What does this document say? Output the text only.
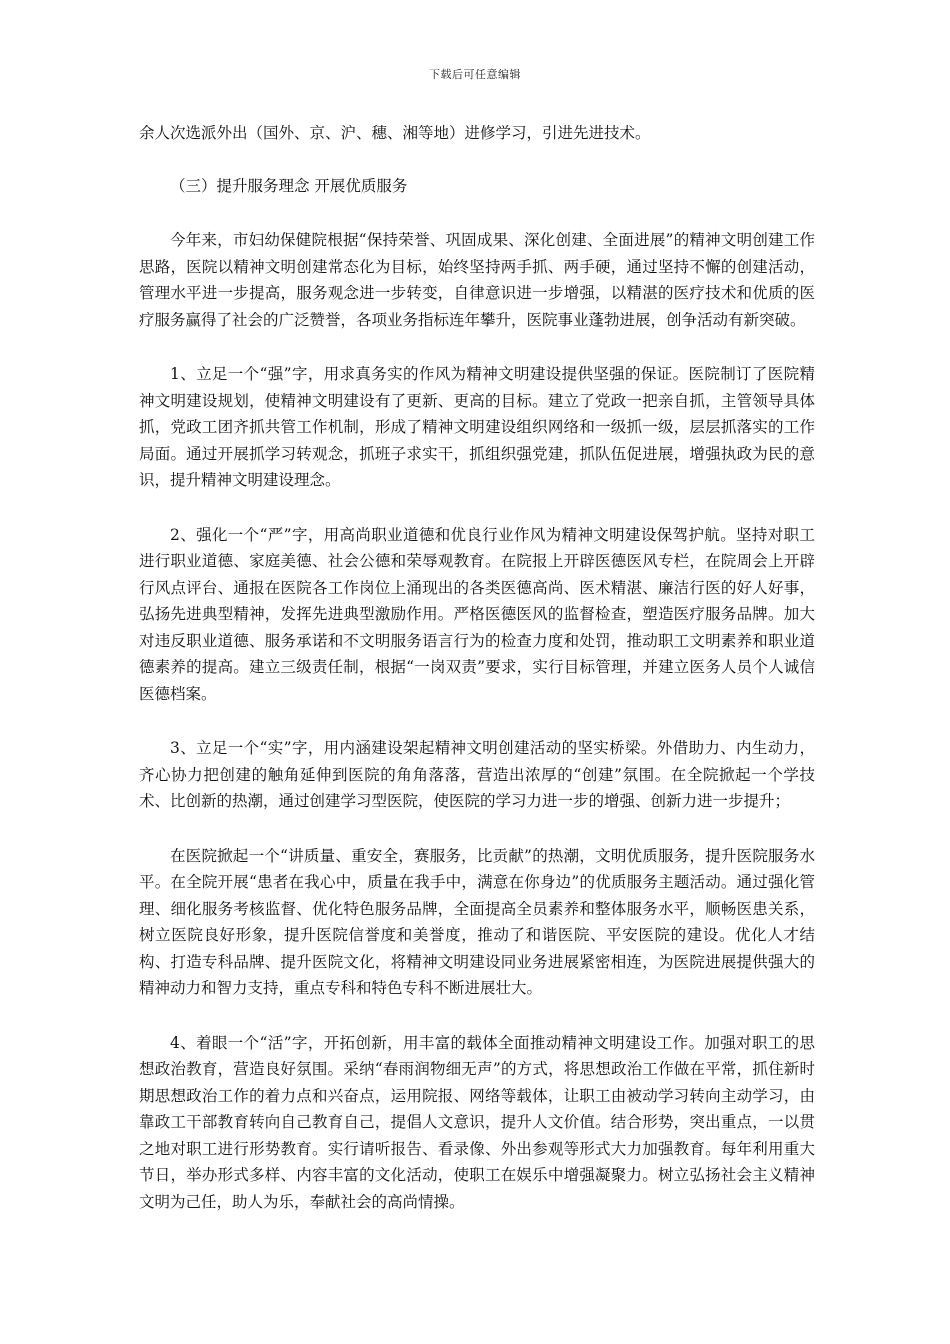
下载后可任意编辑

余人次选派外出（国外、京、沪、穗、湘等地）进修学习，引进先进技术。

（三）提升服务理念 开展优质服务

今年来，市妇幼保健院根据“保持荣誉、巩固成果、深化创建、全面进展”的精神文明创建工作思路，医院以精神文明创建常态化为目标，始终坚持两手抓、两手硬，通过坚持不懈的创建活动，管理水平进一步提高，服务观念进一步转变，自律意识进一步增强，以精湛的医疗技术和优质的医疗服务赢得了社会的广泛赞誉，各项业务指标连年攀升，医院事业蓬勃进展，创争活动有新突破。

1、立足一个“强”字，用求真务实的作风为精神文明建设提供坚强的保证。医院制订了医院精神文明建设规划，使精神文明建设有了更新、更高的目标。建立了党政一把亲自抓，主管领导具体抓，党政工团齐抓共管工作机制，形成了精神文明建设组织网络和一级抓一级，层层抓落实的工作局面。通过开展抓学习转观念，抓班子求实干，抓组织强党建，抓队伍促进展，增强执政为民的意识，提升精神文明建设理念。

2、强化一个“严”字，用高尚职业道德和优良行业作风为精神文明建设保驾护航。坚持对职工进行职业道德、家庭美德、社会公德和荣辱观教育。在院报上开辟医德医风专栏，在院周会上开辟行风点评台、通报在医院各工作岗位上涌现出的各类医德高尚、医术精湛、廉洁行医的好人好事，弘扬先进典型精神，发挥先进典型激励作用。严格医德医风的监督检查，塑造医疗服务品牌。加大对违反职业道德、服务承诺和不文明服务语言行为的检查力度和处罚，推动职工文明素养和职业道德素养的提高。建立三级责任制，根据“一岗双责”要求，实行目标管理，并建立医务人员个人诚信医德档案。

3、立足一个“实”字，用内涵建设架起精神文明创建活动的坚实桥梁。外借助力、内生动力，齐心协力把创建的触角延伸到医院的角角落落，营造出浓厚的“创建”氛围。在全院掀起一个学技术、比创新的热潮，通过创建学习型医院，使医院的学习力进一步的增强、创新力进一步提升；

在医院掀起一个“讲质量、重安全，赛服务，比贡献”的热潮，文明优质服务，提升医院服务水平。在全院开展“患者在我心中，质量在我手中，满意在你身边”的优质服务主题活动。通过强化管理、细化服务考核监督、优化特色服务品牌，全面提高全员素养和整体服务水平，顺畅医患关系，树立医院良好形象，提升医院信誉度和美誉度，推动了和谐医院、平安医院的建设。优化人才结构、打造专科品牌、提升医院文化，将精神文明建设同业务进展紧密相连，为医院进展提供强大的精神动力和智力支持，重点专科和特色专科不断进展壮大。

4、着眼一个“活”字，开拓创新，用丰富的载体全面推动精神文明建设工作。加强对职工的思想政治教育，营造良好氛围。采纳“春雨润物细无声”的方式，将思想政治工作做在平常，抓住新时期思想政治工作的着力点和兴奋点，运用院报、网络等载体，让职工由被动学习转向主动学习，由靠政工干部教育转向自己教育自己，提倡人文意识，提升人文价值。结合形势，突出重点，一以贯之地对职工进行形势教育。实行请听报告、看录像、外出参观等形式大力加强教育。每年利用重大节日，举办形式多样、内容丰富的文化活动，使职工在娱乐中增强凝聚力。树立弘扬社会主义精神文明为己任，助人为乐，奉献社会的高尚情操。
